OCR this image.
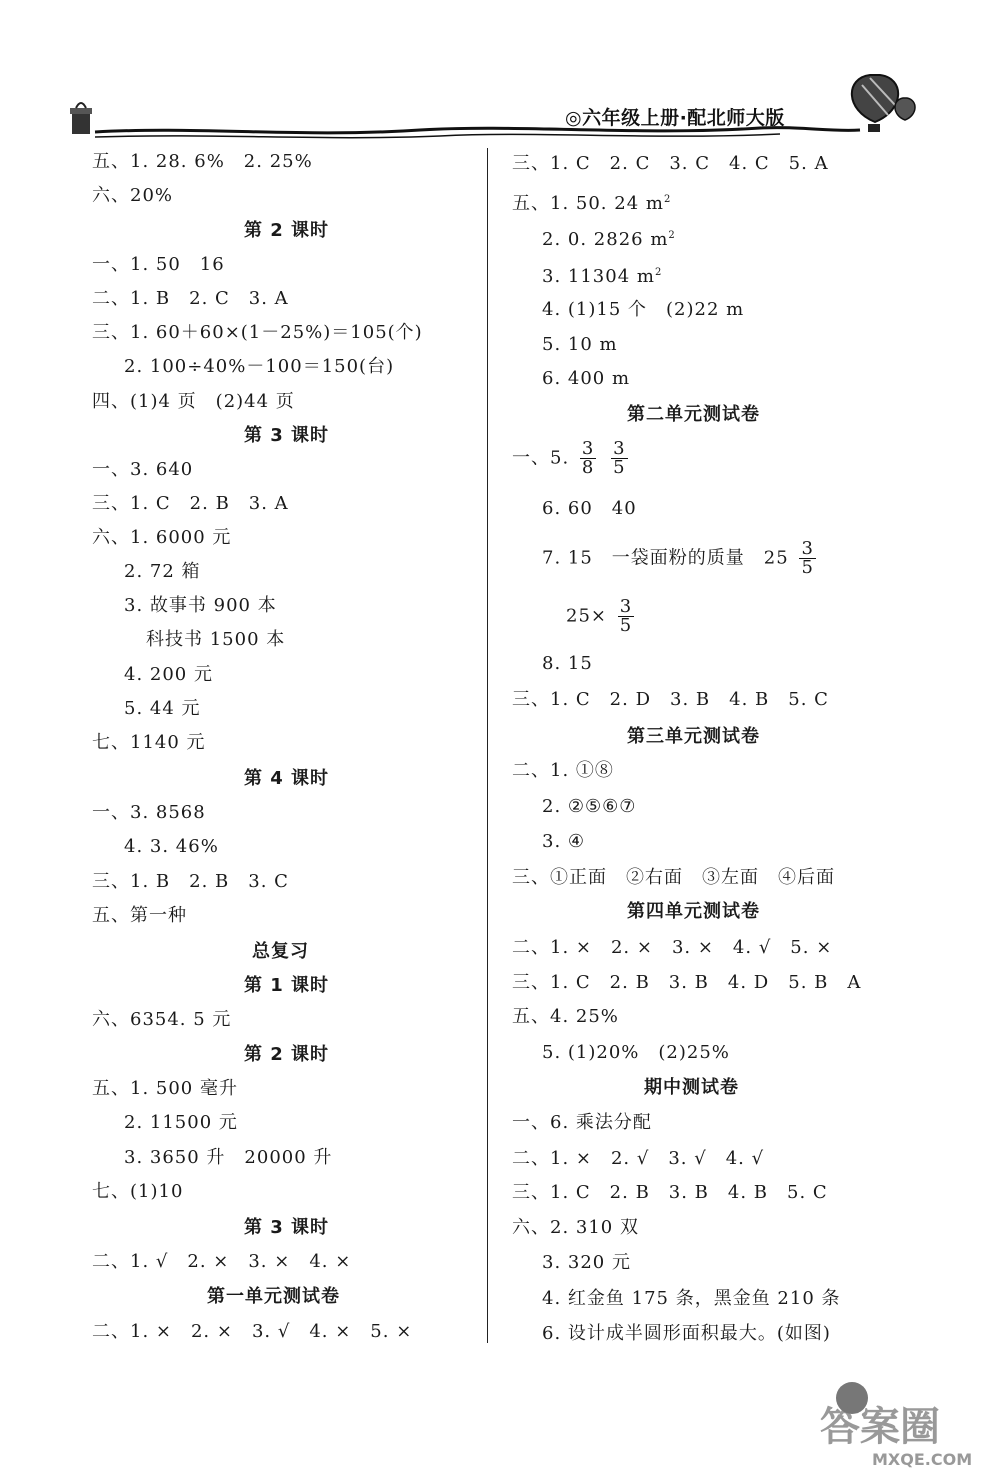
◎六年级上册·配北师大版
五、1. 28. 6%　2. 25%
六、20%
第 2 课时
一、1. 50　16
二、1. B　2. C　3. A
三、1. 60＋60×(1－25%)＝105(个)
2. 100÷40%－100＝150(台)
四、(1)4 页　(2)44 页
第 3 课时
一、3. 640
三、1. C　2. B　3. A
六、1. 6000 元
2. 72 箱
3. 故事书 900 本
科技书 1500 本
4. 200 元
5. 44 元
七、1140 元
第 4 课时
一、3. 8568
4. 3. 46%
三、1. B　2. B　3. C
五、第一种
总复习
第 1 课时
六、6354. 5 元
第 2 课时
五、1. 500 毫升
2. 11500 元
3. 3650 升　20000 升
七、(1)10
第 3 课时
二、1. √　2. ×　3. ×　4. ×
第一单元测试卷
二、1. ×　2. ×　3. √　4. ×　5. ×
三、1. C　2. C　3. C　4. C　5. A
五、1. 50. 24 $m^2$
2. 0. 2826 $m^2$
3. 11304 $m^2$
4. (1)15 个　(2)22 m
5. 10 m
6. 400 m
第二单元测试卷
一、5. $\frac{3}{8}$
$\frac{3}{5}$
6. 60　40
7. 15　一袋面粉的质量　$25 \frac{3}{5}$
$25\times \frac{3}{5}$
8. 15
三、1. C　2. D　3. B　4. B　5. C
第三单元测试卷
二、1. ①⑧
2. ②⑤⑥⑦
3. ④
三、①正面　②右面　③左面　④后面
第四单元测试卷
二、1. ×　2. ×　3. ×　4. √　5. ×
三、1. C　2. B　3. B　4. D　5. B　A
五、4. 25%
5. (1)20%　(2)25%
期中测试卷
一、6. 乘法分配
二、1. ×　2. √　3. √　4. √
三、1. C　2. B　3. B　4. B　5. C
六、2. 310 双
3. 320 元
4. 红金鱼 175 条，黑金鱼 210 条
6. 设计成半圆形面积最大。(如图)
答案圈
MXQE.COM
